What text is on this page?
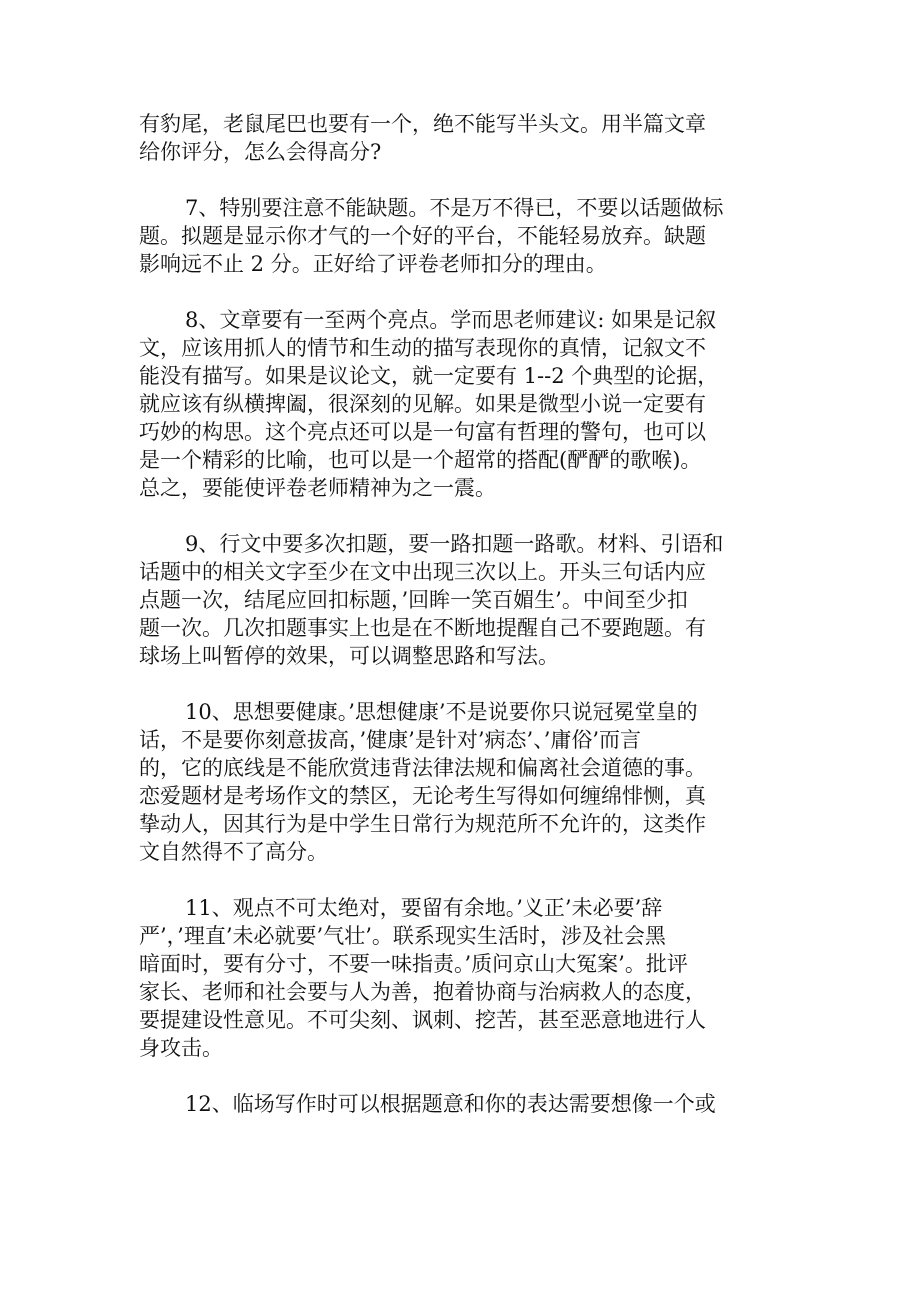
有豹尾，老鼠尾巴也要有一个，绝不能写半头文。用半篇文章
给你评分，怎么会得高分?
7、特别要注意不能缺题。不是万不得已，不要以话题做标
题。拟题是显示你才气的一个好的平台，不能轻易放弃。缺题
影响远不止 2 分。正好给了评卷老师扣分的理由。
8、文章要有一至两个亮点。学而思老师建议: 如果是记叙
文，应该用抓人的情节和生动的描写表现你的真情，记叙文不
能没有描写。如果是议论文，就一定要有 1--2 个典型的论据，
就应该有纵横捭阖，很深刻的见解。如果是微型小说一定要有
巧妙的构思。这个亮点还可以是一句富有哲理的警句，也可以
是一个精彩的比喻，也可以是一个超常的搭配(酽酽的歌喉)。
总之，要能使评卷老师精神为之一震。
9、行文中要多次扣题，要一路扣题一路歌。材料、引语和
话题中的相关文字至少在文中出现三次以上。开头三句话内应
点题一次，结尾应回扣标题，’回眸一笑百媚生’。中间至少扣
题一次。几次扣题事实上也是在不断地提醒自己不要跑题。有
球场上叫暂停的效果，可以调整思路和写法。
10、思想要健康。’思想健康’不是说要你只说冠冕堂皇的
话，不是要你刻意拔高，’健康’是针对’病态’、’庸俗’而言
的，它的底线是不能欣赏违背法律法规和偏离社会道德的事。
恋爱题材是考场作文的禁区，无论考生写得如何缠绵悱恻，真
挚动人，因其行为是中学生日常行为规范所不允许的，这类作
文自然得不了高分。
11、观点不可太绝对，要留有余地。’义正’未必要’辞
严’，’理直’未必就要’气壮’。联系现实生活时，涉及社会黑
暗面时，要有分寸，不要一味指责。’质问京山大冤案’。批评
家长、老师和社会要与人为善，抱着协商与治病救人的态度，
要提建设性意见。不可尖刻、讽刺、挖苦，甚至恶意地进行人
身攻击。
12、临场写作时可以根据题意和你的表达需要想像一个或
